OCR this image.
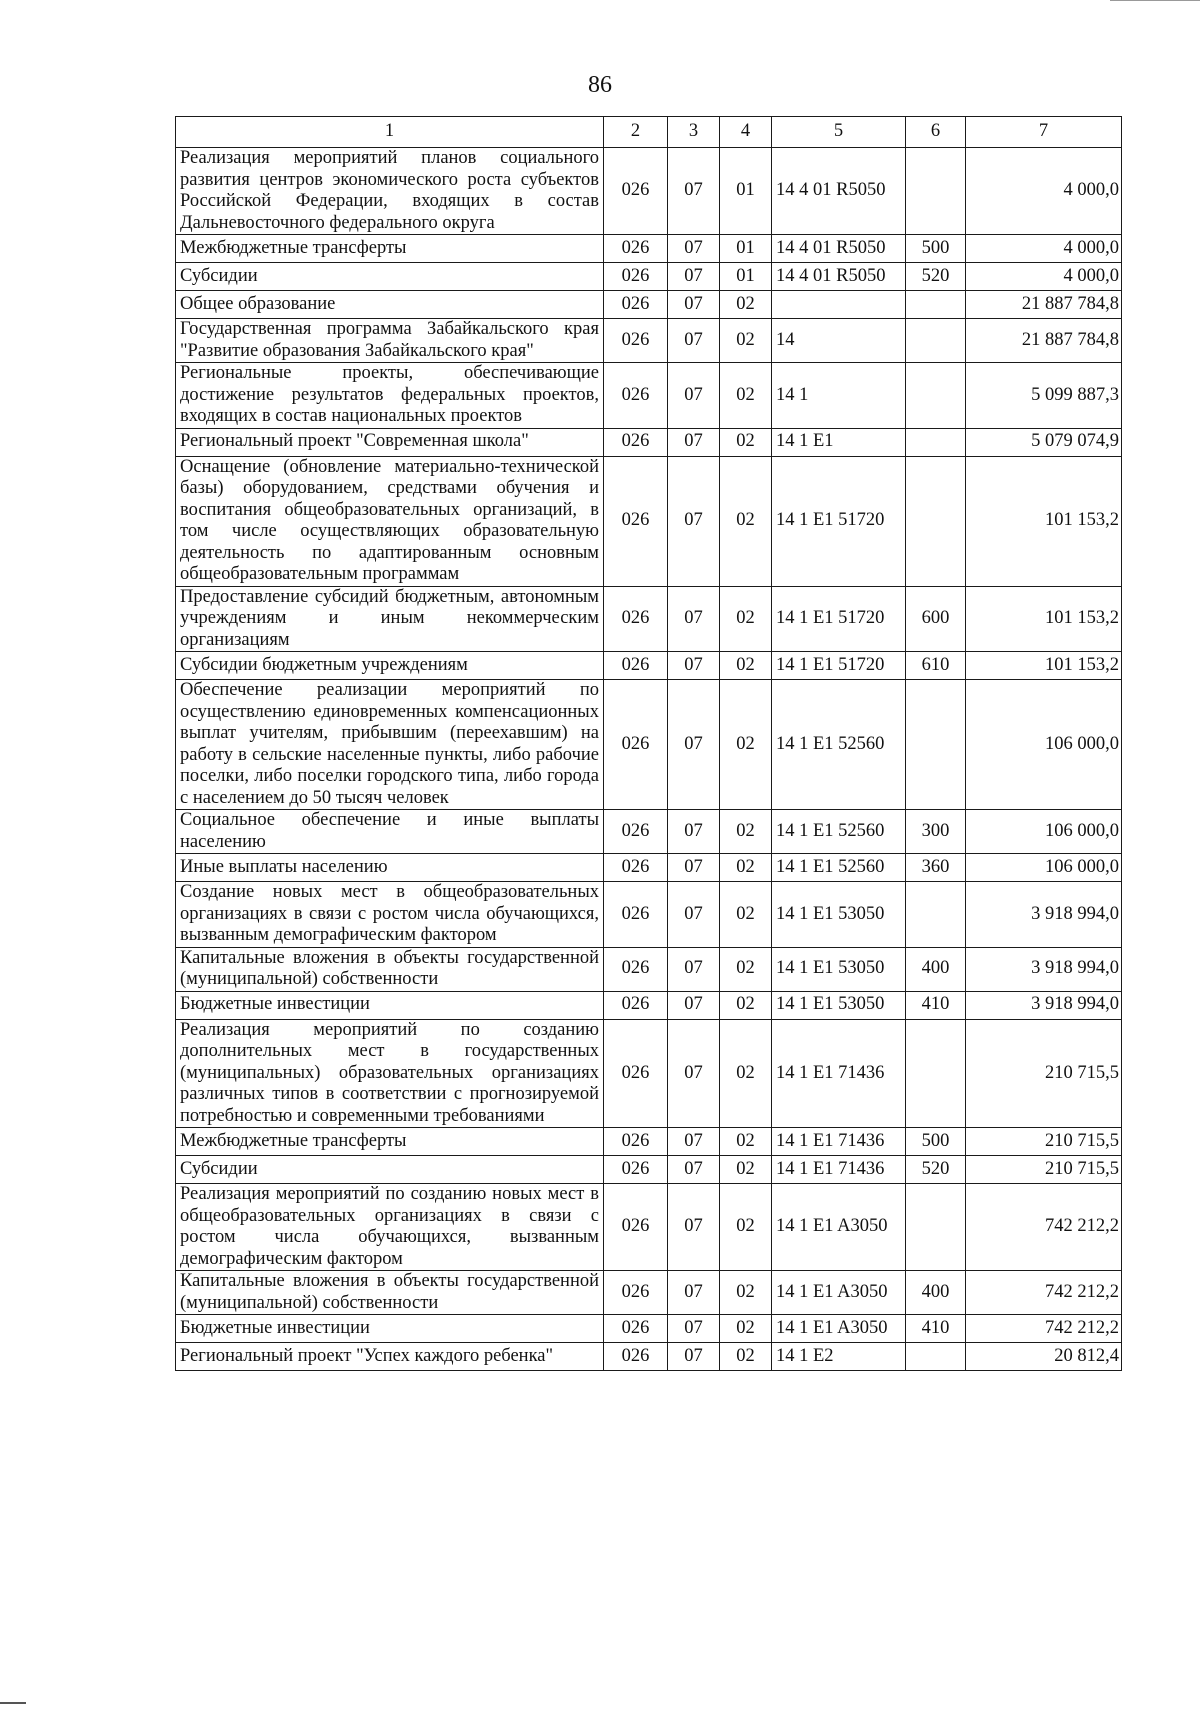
86
1	2	3	4	5	6	7
Реализация мероприятий планов социального развития центров экономического роста субъектов Российской Федерации, входящих в состав Дальневосточного федерального округа	026	07	01	14 4 01 R5050		4 000,0
Межбюджетные трансферты	026	07	01	14 4 01 R5050	500	4 000,0
Субсидии	026	07	01	14 4 01 R5050	520	4 000,0
Общее образование	026	07	02			21 887 784,8
Государственная программа Забайкальского края "Развитие образования Забайкальского края"	026	07	02	14		21 887 784,8
Региональные проекты, обеспечивающие достижение результатов федеральных проектов, входящих в состав национальных проектов	026	07	02	14 1		5 099 887,3
Региональный проект "Современная школа"	026	07	02	14 1 E1		5 079 074,9
Оснащение (обновление материально-технической базы) оборудованием, средствами обучения и воспитания общеобразовательных организаций, в том числе осуществляющих образовательную деятельность по адаптированным основным общеобразовательным программам	026	07	02	14 1 E1 51720		101 153,2
Предоставление субсидий бюджетным, автономным учреждениям и иным некоммерческим организациям	026	07	02	14 1 E1 51720	600	101 153,2
Субсидии бюджетным учреждениям	026	07	02	14 1 E1 51720	610	101 153,2
Обеспечение реализации мероприятий по осуществлению единовременных компенсационных выплат учителям, прибывшим (переехавшим) на работу в сельские населенные пункты, либо рабочие поселки, либо поселки городского типа, либо города с населением до 50 тысяч человек	026	07	02	14 1 E1 52560		106 000,0
Социальное обеспечение и иные выплаты населению	026	07	02	14 1 E1 52560	300	106 000,0
Иные выплаты населению	026	07	02	14 1 E1 52560	360	106 000,0
Создание новых мест в общеобразовательных организациях в связи с ростом числа обучающихся, вызванным демографическим фактором	026	07	02	14 1 E1 53050		3 918 994,0
Капитальные вложения в объекты государственной (муниципальной) собственности	026	07	02	14 1 E1 53050	400	3 918 994,0
Бюджетные инвестиции	026	07	02	14 1 E1 53050	410	3 918 994,0
Реализация мероприятий по созданию дополнительных мест в государственных (муниципальных) образовательных организациях различных типов в соответствии с прогнозируемой потребностью и современными требованиями	026	07	02	14 1 E1 71436		210 715,5
Межбюджетные трансферты	026	07	02	14 1 E1 71436	500	210 715,5
Субсидии	026	07	02	14 1 E1 71436	520	210 715,5
Реализация мероприятий по созданию новых мест в общеобразовательных организациях в связи с ростом числа обучающихся, вызванным демографическим фактором	026	07	02	14 1 E1 A3050		742 212,2
Капитальные вложения в объекты государственной (муниципальной) собственности	026	07	02	14 1 E1 A3050	400	742 212,2
Бюджетные инвестиции	026	07	02	14 1 E1 A3050	410	742 212,2
Региональный проект "Успех каждого ребенка"	026	07	02	14 1 E2		20 812,4
